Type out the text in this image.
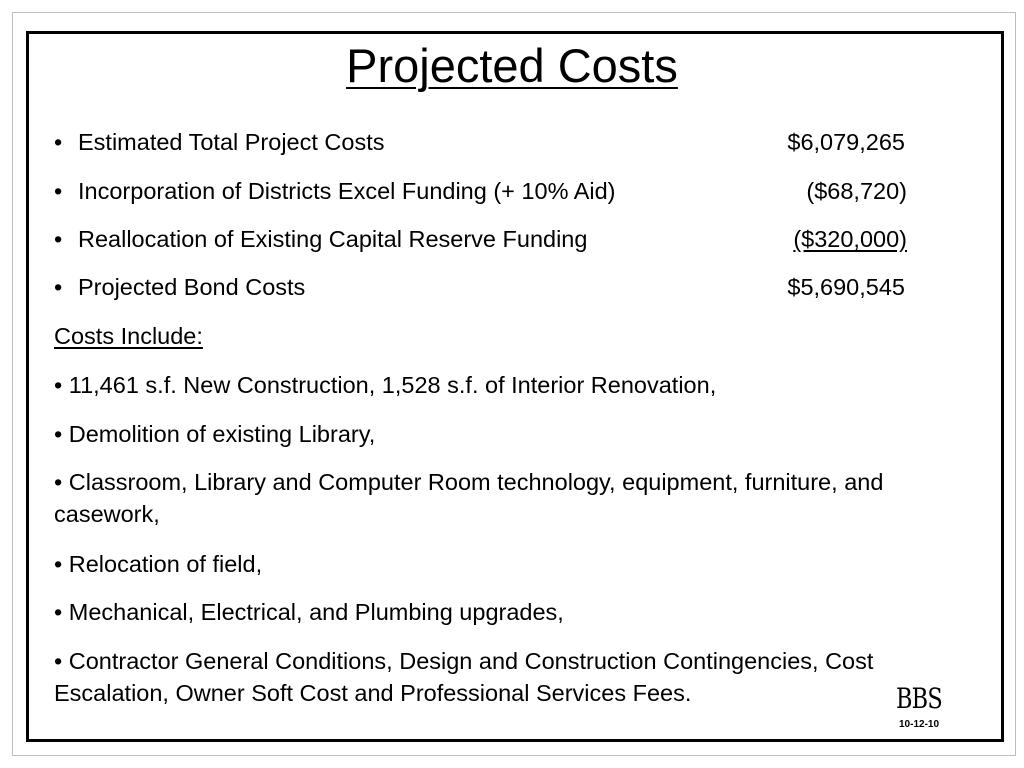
Projected Costs
• Estimated Total Project Costs	$6,079,265
• Incorporation of Districts Excel Funding (+ 10% Aid)	($68,720)
• Reallocation of Existing Capital Reserve Funding	($320,000)
• Projected Bond Costs	$5,690,545
Costs Include:
• 11,461 s.f. New Construction, 1,528 s.f. of Interior Renovation,
• Demolition of existing Library,
• Classroom, Library and Computer Room technology, equipment, furniture, and casework,
• Relocation of field,
• Mechanical, Electrical, and Plumbing upgrades,
• Contractor General Conditions, Design and Construction Contingencies, Cost Escalation, Owner Soft Cost and Professional Services Fees.	BBS
10-12-10
